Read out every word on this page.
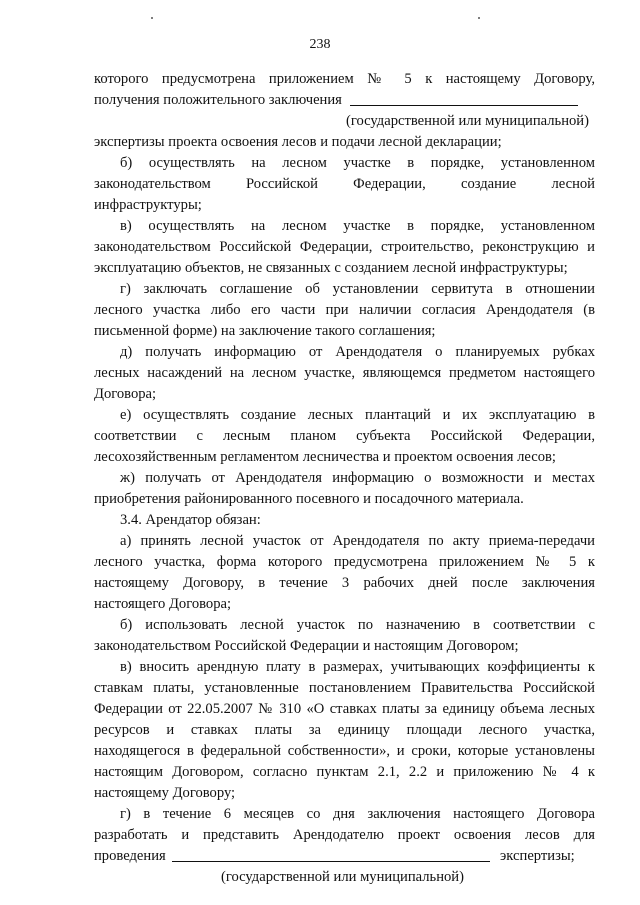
238
которого предусмотрена приложением № 5 к настоящему Договору,
получения положительного заключения
(государственной или муниципальной)
экспертизы проекта освоения лесов и подачи лесной декларации;
б) осуществлять на лесном участке в порядке, установленном
законодательством Российской Федерации, создание лесной
инфраструктуры;
в) осуществлять на лесном участке в порядке, установленном
законодательством Российской Федерации, строительство, реконструкцию и
эксплуатацию объектов, не связанных с созданием лесной инфраструктуры;
г) заключать соглашение об установлении сервитута в отношении
лесного участка либо его части при наличии согласия Арендодателя (в
письменной форме) на заключение такого соглашения;
д) получать информацию от Арендодателя о планируемых рубках
лесных насаждений на лесном участке, являющемся предметом настоящего
Договора;
е) осуществлять создание лесных плантаций и их эксплуатацию в
соответствии с лесным планом субъекта Российской Федерации,
лесохозяйственным регламентом лесничества и проектом освоения лесов;
ж) получать от Арендодателя информацию о возможности и местах
приобретения районированного посевного и посадочного материала.
3.4. Арендатор обязан:
а) принять лесной участок от Арендодателя по акту приема-передачи
лесного участка, форма которого предусмотрена приложением № 5 к
настоящему Договору, в течение 3 рабочих дней после заключения
настоящего Договора;
б) использовать лесной участок по назначению в соответствии с
законодательством Российской Федерации и настоящим Договором;
в) вносить арендную плату в размерах, учитывающих коэффициенты к
ставкам платы, установленные постановлением Правительства Российской
Федерации от 22.05.2007 № 310 «О ставках платы за единицу объема лесных
ресурсов и ставках платы за единицу площади лесного участка,
находящегося в федеральной собственности», и сроки, которые установлены
настоящим Договором, согласно пунктам 2.1, 2.2 и приложению № 4 к
настоящему Договору;
г) в течение 6 месяцев со дня заключения настоящего Договора
разработать и представить Арендодателю проект освоения лесов для
проведения	экспертизы;
(государственной или муниципальной)
